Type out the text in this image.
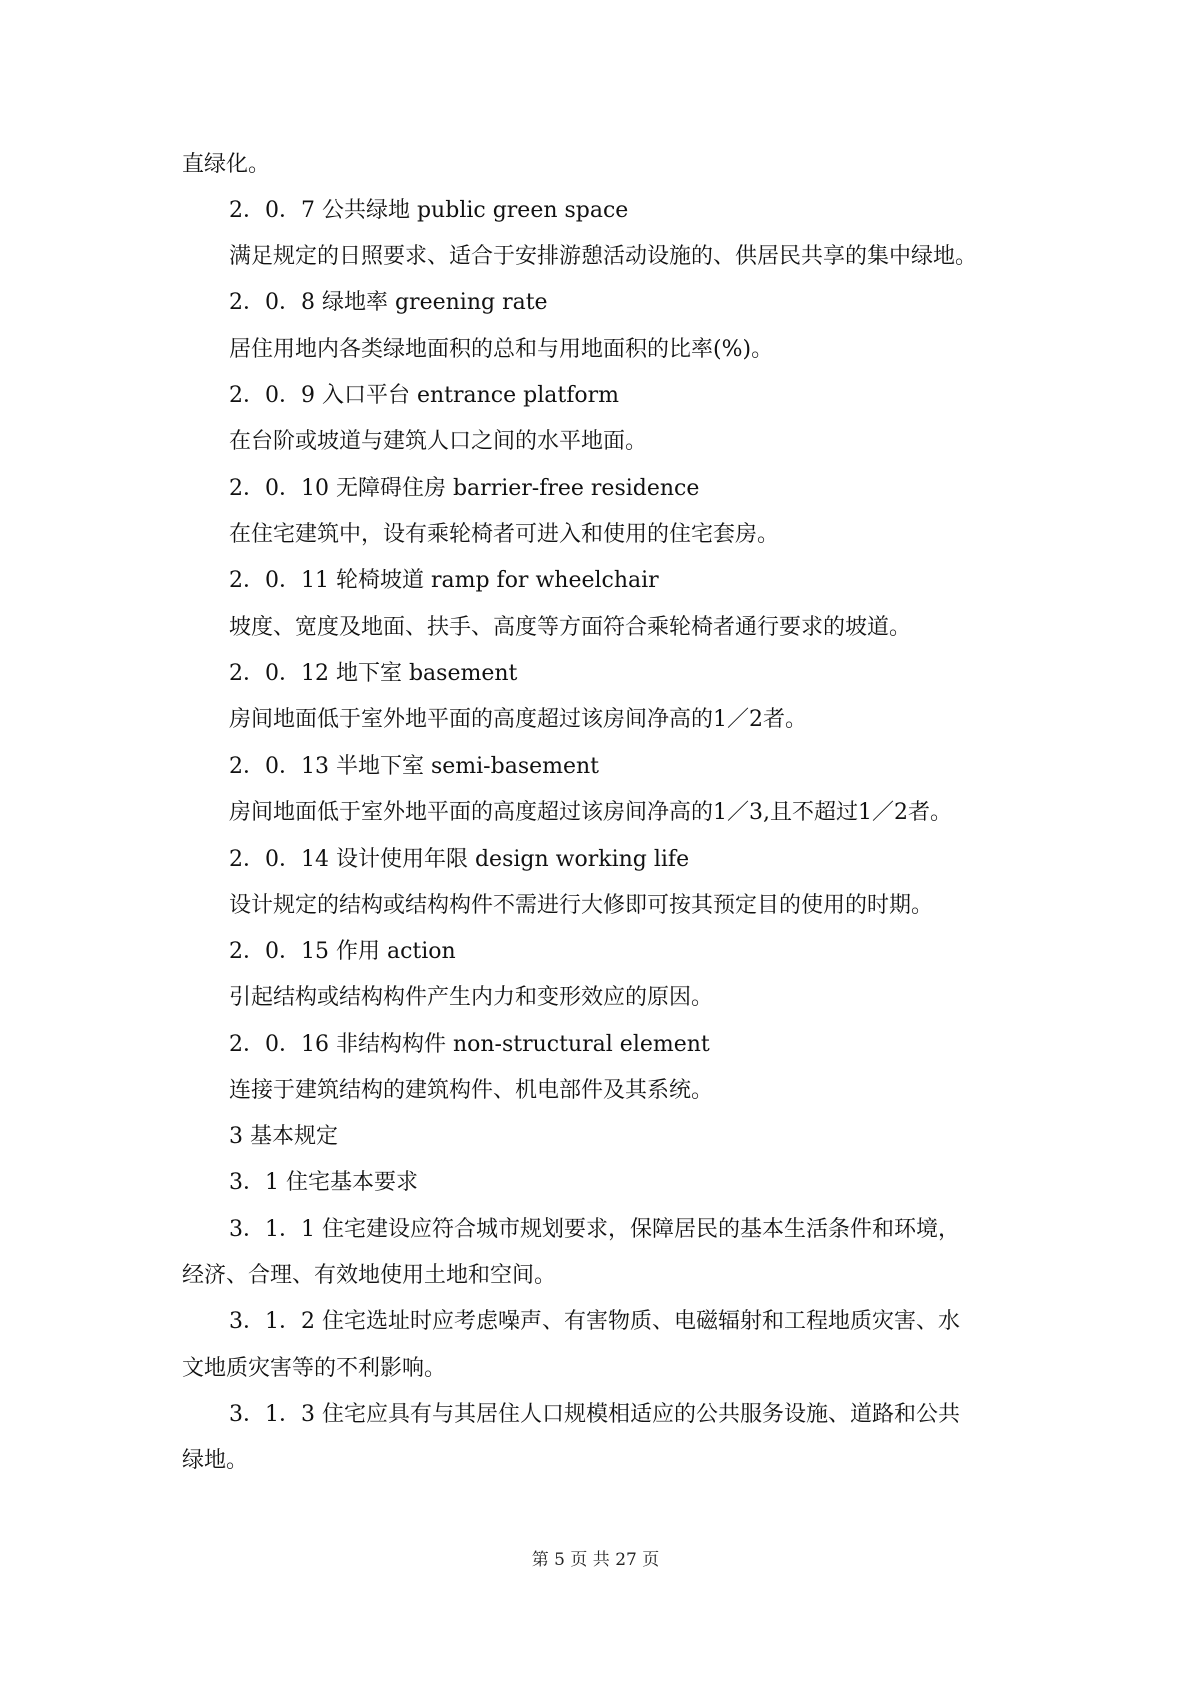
直绿化。
2．0．7 公共绿地 public green space
满足规定的日照要求、适合于安排游憩活动设施的、供居民共享的集中绿地。
2．0．8 绿地率 greening rate
居住用地内各类绿地面积的总和与用地面积的比率(%)。
2．0．9 入口平台 entrance platform
在台阶或坡道与建筑人口之间的水平地面。
2．0．10 无障碍住房 barrier-free residence
在住宅建筑中，设有乘轮椅者可进入和使用的住宅套房。
2．0．11 轮椅坡道 ramp for wheelchair
坡度、宽度及地面、扶手、高度等方面符合乘轮椅者通行要求的坡道。
2．0．12 地下室 basement
房间地面低于室外地平面的高度超过该房间净高的1／2者。
2．0．13 半地下室 semi-basement
房间地面低于室外地平面的高度超过该房间净高的1／3,且不超过1／2者。
2．0．14 设计使用年限 design working life
设计规定的结构或结构构件不需进行大修即可按其预定目的使用的时期。
2．0．15 作用 action
引起结构或结构构件产生内力和变形效应的原因。
2．0．16 非结构构件 non-structural element
连接于建筑结构的建筑构件、机电部件及其系统。
3 基本规定
3．1 住宅基本要求
3．1．1 住宅建设应符合城市规划要求，保障居民的基本生活条件和环境，
经济、合理、有效地使用土地和空间。
3．1．2 住宅选址时应考虑噪声、有害物质、电磁辐射和工程地质灾害、水
文地质灾害等的不利影响。
3．1．3 住宅应具有与其居住人口规模相适应的公共服务设施、道路和公共
绿地。
第 5 页 共 27 页
